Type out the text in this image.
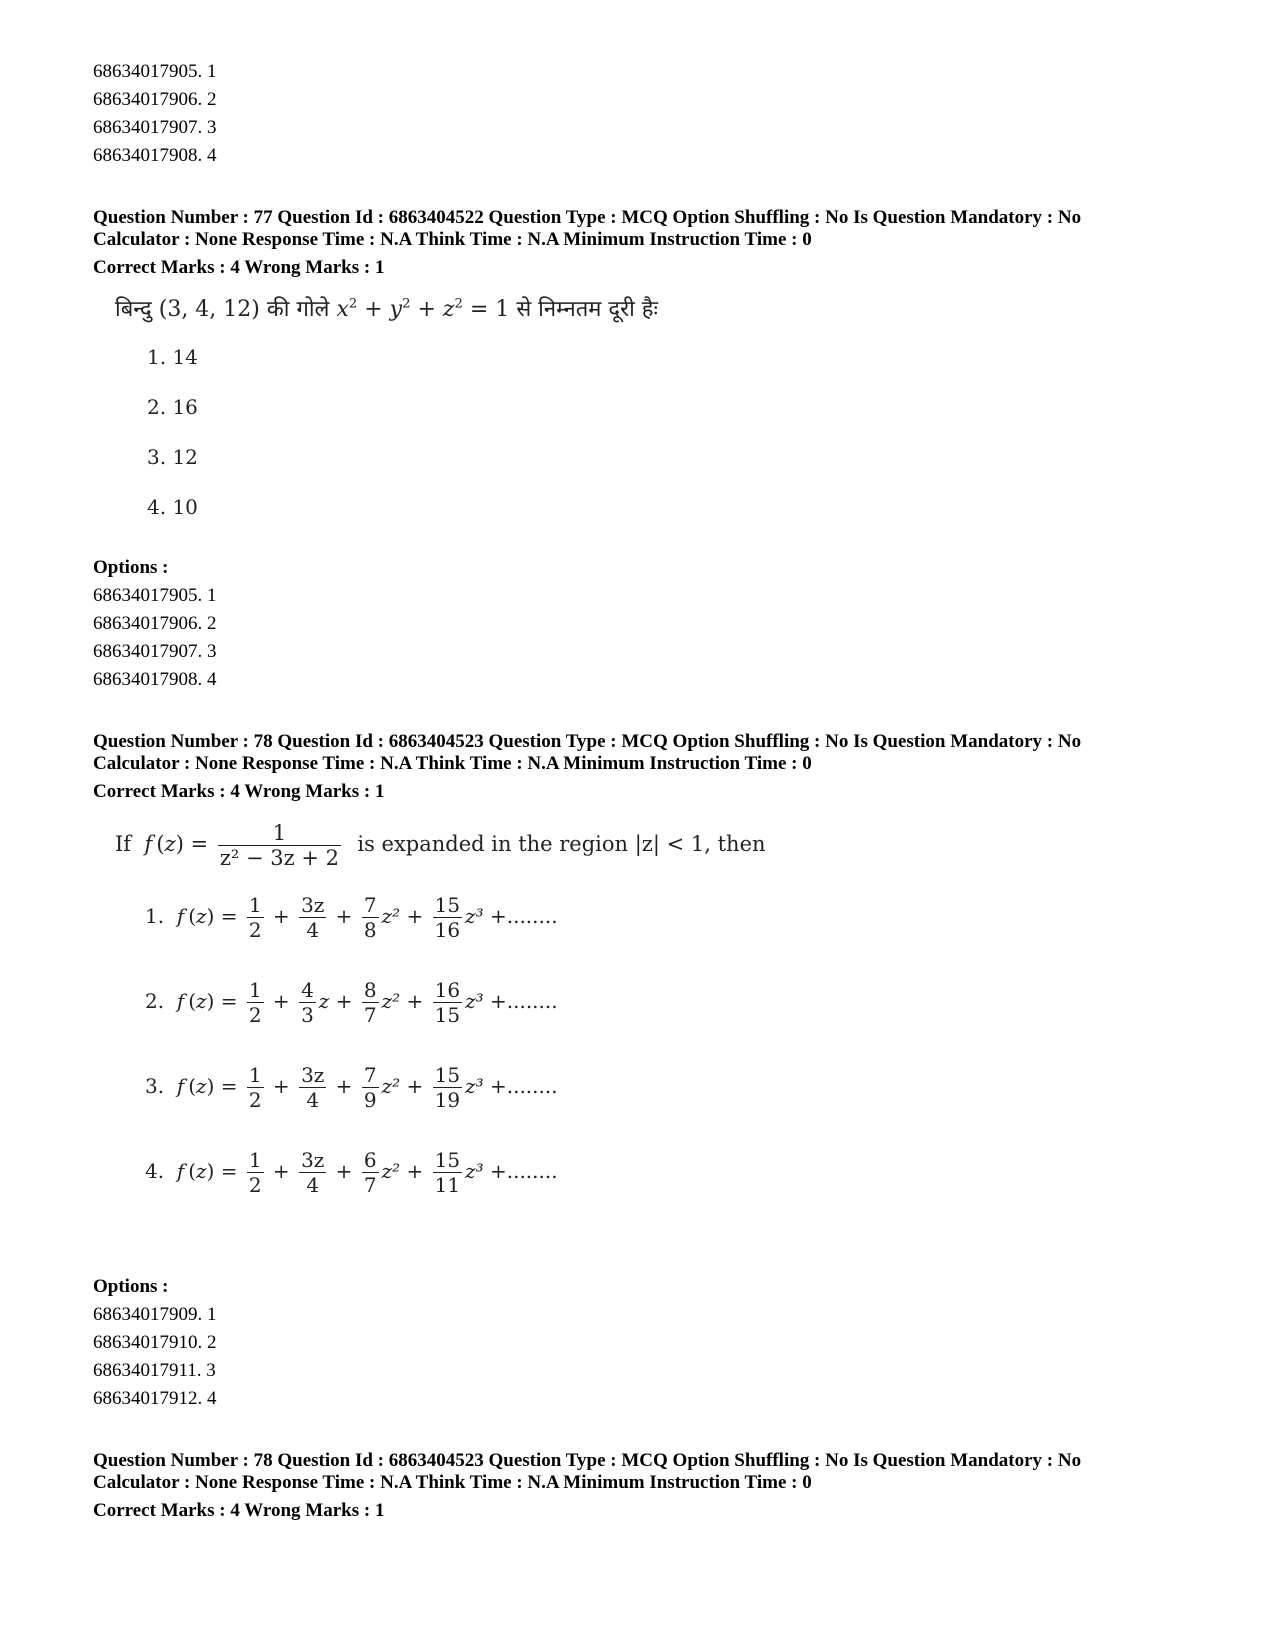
68634017905. 1
68634017906. 2
68634017907. 3
68634017908. 4
Question Number : 77 Question Id : 6863404522 Question Type : MCQ Option Shuffling : No Is Question Mandatory : No
Calculator : None Response Time : N.A Think Time : N.A Minimum Instruction Time : 0
Correct Marks : 4 Wrong Marks : 1
बिन्दु (3, 4, 12) की गोले $x^2 + y^2 + z^2 = 1$ से निम्नतम दूरी हैः
1. 14
2. 16
3. 12
4. 10
Options :
68634017905. 1
68634017906. 2
68634017907. 3
68634017908. 4
Question Number : 78 Question Id : 6863404523 Question Type : MCQ Option Shuffling : No Is Question Mandatory : No
Calculator : None Response Time : N.A Think Time : N.A Minimum Instruction Time : 0
Correct Marks : 4 Wrong Marks : 1
If f $(z) = \frac{1}{\text{z² − 3z + 2}}$ is expanded in the region |z| < 1, then
1. f $(z) = \frac{1}{2} + \frac{3z}{4} + \frac{7}{8} z^2 + \frac{15}{16} z^3$ +........
2. f $(z) = \frac{1}{2} + \frac{4}{3}$ $z + \frac{8}{7} z^2 + \frac{16}{15} z^3$ +........
3. f $(z) = \frac{1}{2} + \frac{3z}{4} + \frac{7}{9} z^2 + \frac{15}{19} z^3$ +........
4. f $(z) = \frac{1}{2} + \frac{3z}{4} + \frac{6}{7} z^2 + \frac{15}{11} z^3$ +........
Options :
68634017909. 1
68634017910. 2
68634017911. 3
68634017912. 4
Question Number : 78 Question Id : 6863404523 Question Type : MCQ Option Shuffling : No Is Question Mandatory : No
Calculator : None Response Time : N.A Think Time : N.A Minimum Instruction Time : 0
Correct Marks : 4 Wrong Marks : 1
